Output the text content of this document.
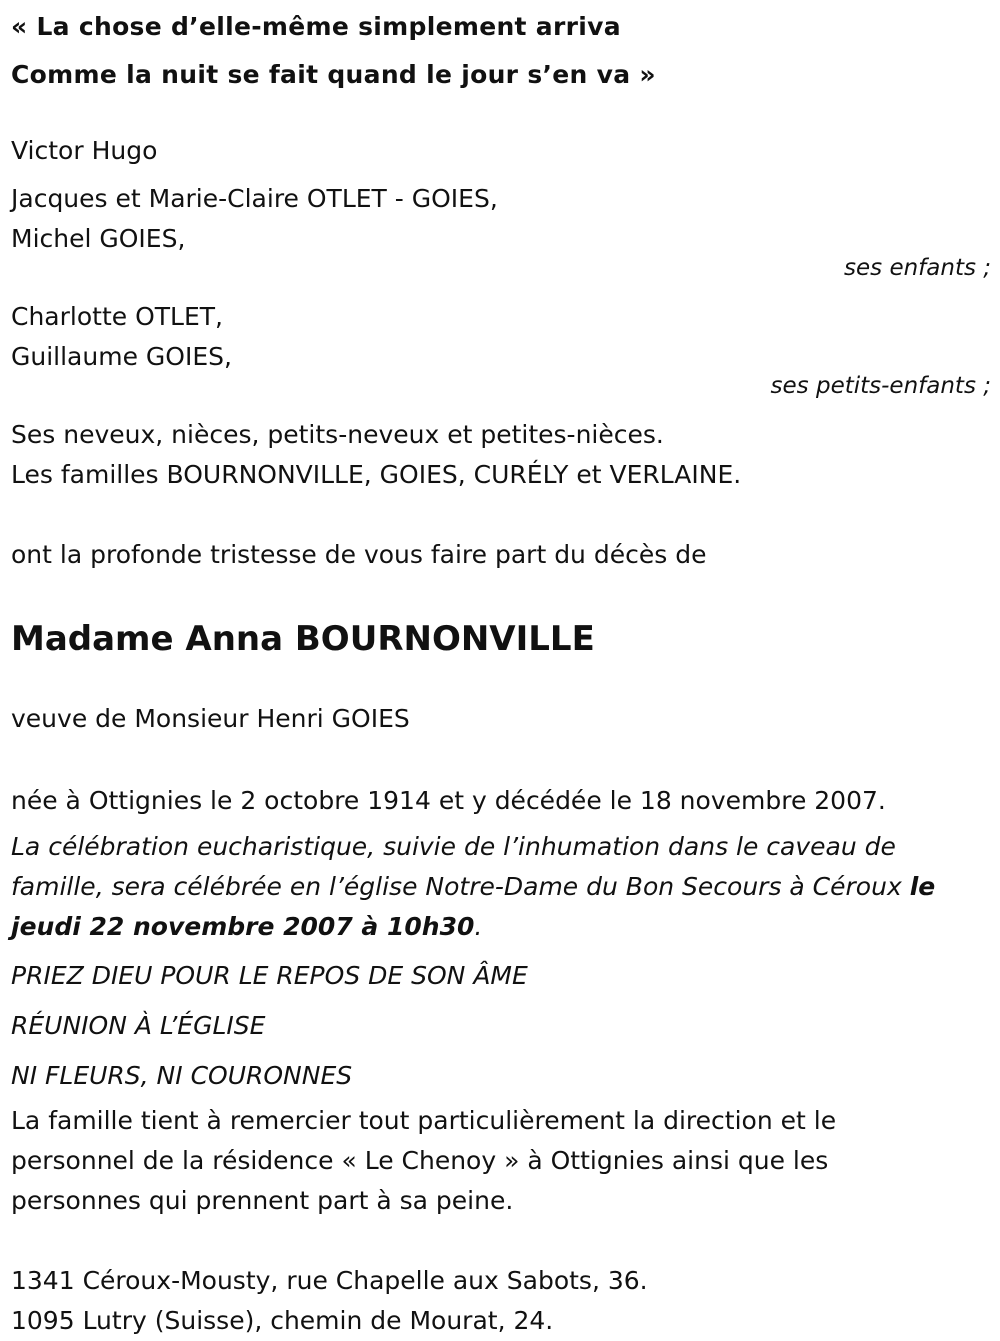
« La chose d’elle-même simplement arriva

Comme la nuit se fait quand le jour s’en va »

Victor Hugo

Jacques et Marie-Claire OTLET - GOIES,

Michel GOIES,

ses enfants ;

Charlotte OTLET,

Guillaume GOIES,

ses petits-enfants ;

Ses neveux, nièces, petits-neveux et petites-nièces.

Les familles BOURNONVILLE, GOIES, CURÉLY et VERLAINE.

ont la profonde tristesse de vous faire part du décès de

Madame Anna BOURNONVILLE

veuve de Monsieur Henri GOIES

née à Ottignies le 2 octobre 1914 et y décédée le 18 novembre 2007.

La célébration eucharistique, suivie de l’inhumation dans le caveau de

famille, sera célébrée en l’église Notre-Dame du Bon Secours à Céroux le

jeudi 22 novembre 2007 à 10h30.

PRIEZ DIEU POUR LE REPOS DE SON ÂME

RÉUNION À L’ÉGLISE

NI FLEURS, NI COURONNES

La famille tient à remercier tout particulièrement la direction et le

personnel de la résidence « Le Chenoy » à Ottignies ainsi que les

personnes qui prennent part à sa peine.

1341 Céroux-Mousty, rue Chapelle aux Sabots, 36.

1095 Lutry (Suisse), chemin de Mourat, 24.
